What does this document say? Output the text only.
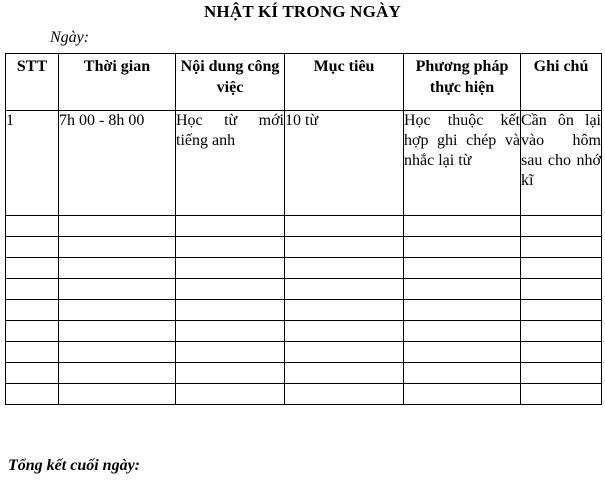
NHẬT KÍ TRONG NGÀY
Ngày:
STT	Thời gian	Nội dung công việc	Mục tiêu	Phương pháp thực hiện	Ghi chú
1	7h 00 - 8h 00	Học từ mới tiếng anh	10 từ	Học thuộc kết hợp ghi chép và nhắc lại từ	Cần ôn lại vào hôm sau cho nhớ kĩ

Tổng kết cuối ngày:
